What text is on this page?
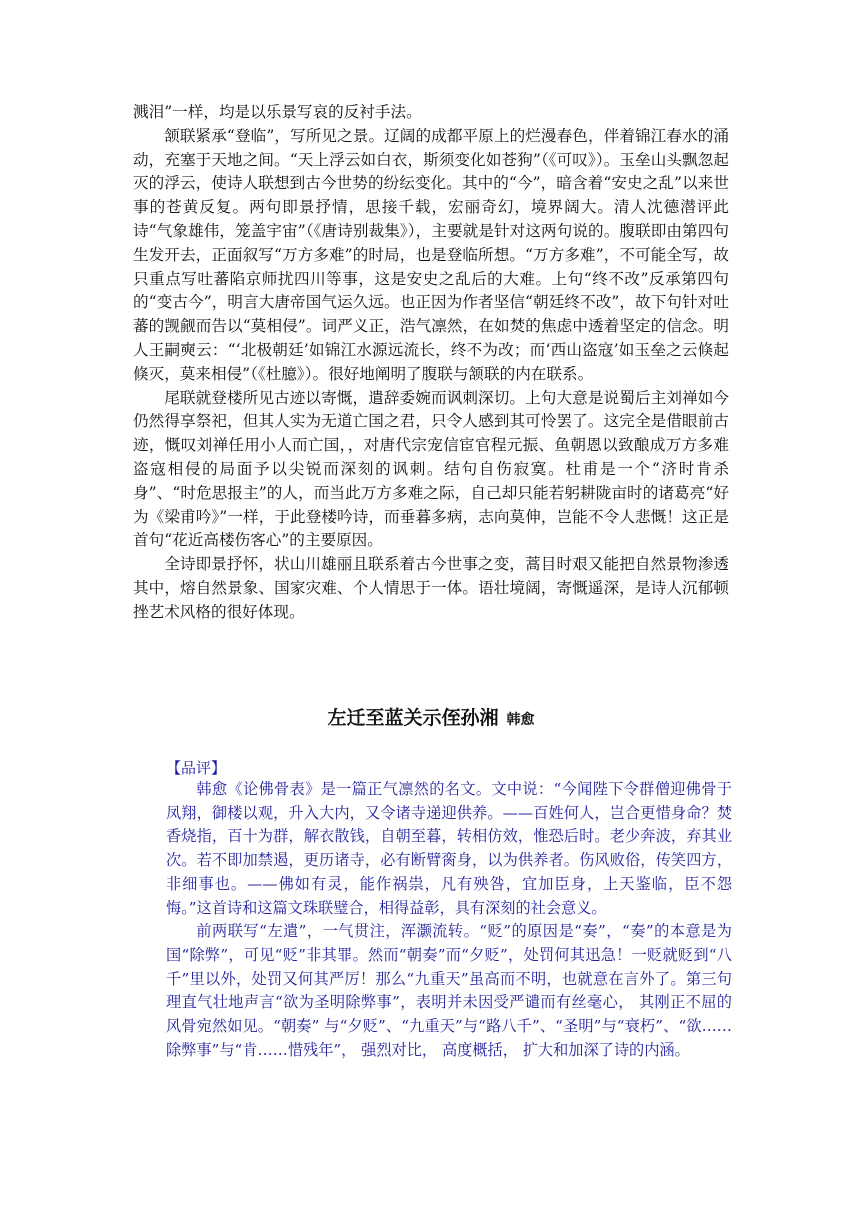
溅泪”一样，均是以乐景写哀的反衬手法。

颔联紧承“登临”，写所见之景。辽阔的成都平原上的烂漫春色，伴着锦江春水的涌动，充塞于天地之间。“天上浮云如白衣，斯须变化如苍狗”（《可叹》）。玉垒山头飘忽起灭的浮云，使诗人联想到古今世势的纷纭变化。其中的“今”，暗含着“安史之乱”以来世事的苍黄反复。两句即景抒情，思接千载，宏丽奇幻，境界阔大。清人沈德潜评此诗“气象雄伟，笼盖宇宙”（《唐诗别裁集》），主要就是针对这两句说的。腹联即由第四句生发开去，正面叙写“万方多难”的时局，也是登临所想。“万方多难”，不可能全写，故只重点写吐蕃陷京师扰四川等事，这是安史之乱后的大难。上句“终不改”反承第四句的“变古今”，明言大唐帝国气运久远。也正因为作者坚信“朝廷终不改”，故下句针对吐蕃的觊觎而告以“莫相侵”。词严义正，浩气凛然，在如焚的焦虑中透着坚定的信念。明人王嗣奭云：“‘北极朝廷’如锦江水源远流长，终不为改；而‘西山盗寇’如玉垒之云倏起倏灭，莫来相侵”（《杜臆》）。很好地阐明了腹联与颔联的内在联系。

尾联就登楼所见古迹以寄慨，遣辞委婉而讽刺深切。上句大意是说蜀后主刘禅如今仍然得享祭祀，但其人实为无道亡国之君，只令人感到其可怜罢了。这完全是借眼前古迹，慨叹刘禅任用小人而亡国，，对唐代宗宠信宦官程元振、鱼朝恩以致酿成万方多难盗寇相侵的局面予以尖锐而深刻的讽刺。结句自伤寂寞。杜甫是一个“济时肯杀身”、“时危思报主”的人，而当此万方多难之际，自己却只能若躬耕陇亩时的诸葛亮“好为《梁甫吟》”一样，于此登楼吟诗，而垂暮多病，志向莫伸，岂能不令人悲慨！这正是首句“花近高楼伤客心”的主要原因。

全诗即景抒怀，状山川雄丽且联系着古今世事之变，蒿目时艰又能把自然景物渗透其中，熔自然景象、国家灾难、个人情思于一体。语壮境阔，寄慨遥深，是诗人沉郁顿挫艺术风格的很好体现。

左迁至蓝关示侄孙湘 韩愈
【品评】

韩愈《论佛骨表》是一篇正气凛然的名文。文中说：“今闻陛下令群僧迎佛骨于凤翔，御楼以观，升入大内，又令诸寺递迎供养。——百姓何人，岂合更惜身命？焚香烧指，百十为群，解衣散钱，自朝至暮，转相仿效，惟恐后时。老少奔波，弃其业次。若不即加禁遏，更历诸寺，必有断臂脔身，以为供养者。伤风败俗，传笑四方，非细事也。——佛如有灵，能作祸祟，凡有殃咎，宜加臣身，上天鉴临，臣不怨悔。”这首诗和这篇文珠联璧合，相得益彰，具有深刻的社会意义。

前两联写“左遣”，一气贯注，浑灏流转。“贬”的原因是“奏”，“奏”的本意是为国“除弊”，可见“贬”非其罪。然而“朝奏”而“夕贬”，处罚何其迅急！一贬就贬到“八千”里以外，处罚又何其严厉！那么“九重天”虽高而不明，也就意在言外了。第三句理直气壮地声言“欲为圣明除弊事”，表明并未因受严谴而有丝毫心， 其刚正不屈的风骨宛然如见。“朝奏” 与“夕贬”、“九重天”与“路八千”、“圣明”与“衰朽”、“欲……除弊事”与“肯……惜残年”， 强烈对比， 高度概括， 扩大和加深了诗的内涵。
